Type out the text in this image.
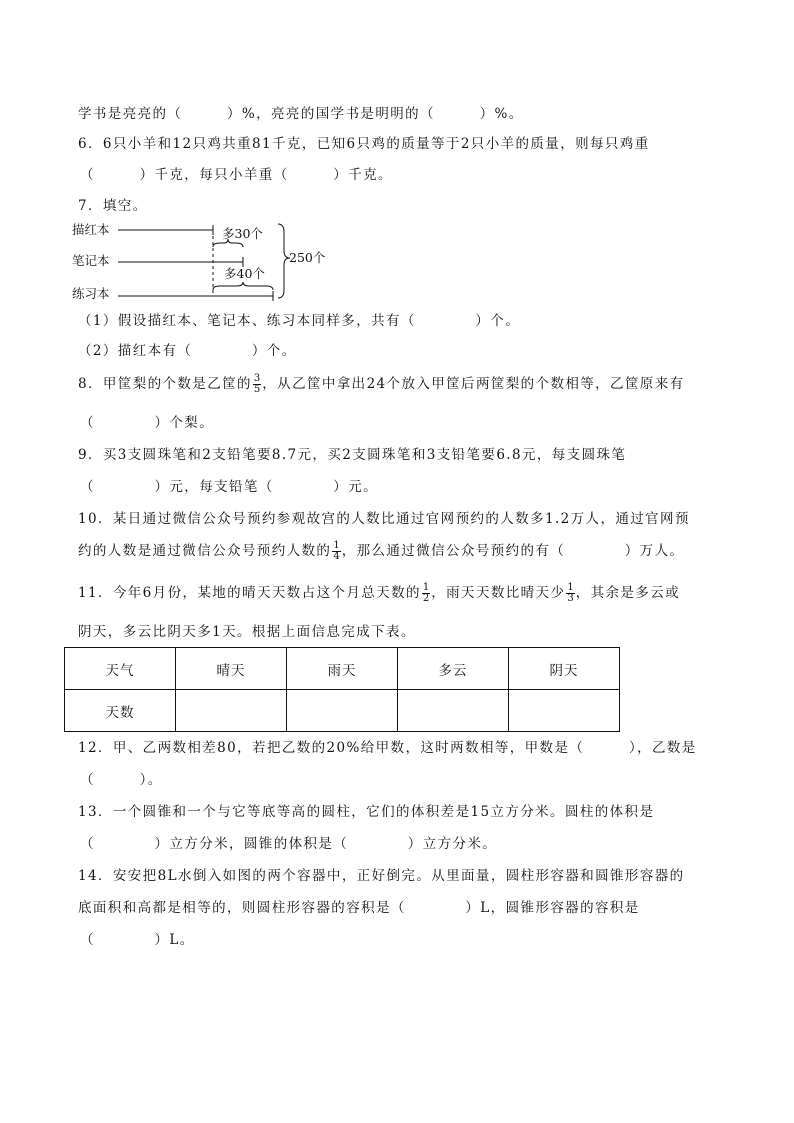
学书是亮亮的（　　　）%，亮亮的国学书是明明的（　　　）%。
6．6只小羊和12只鸡共重81千克，已知6只鸡的质量等于2只小羊的质量，则每只鸡重
（　　　）千克，每只小羊重（　　　）千克。
7．填空。
描红本
笔记本
练习本
多30个
多40个
250个
（1）假设描红本、笔记本、练习本同样多，共有（　　　　）个。
（2）描红本有（　　　　）个。
8．甲筐梨的个数是乙筐的 $\frac{3}{5}$ ，从乙筐中拿出24个放入甲筐后两筐梨的个数相等，乙筐原来有
（　　　　）个梨。
9．买3支圆珠笔和2支铅笔要8.7元，买2支圆珠笔和3支铅笔要6.8元，每支圆珠笔
（　　　　）元，每支铅笔（　　　　）元。
10．某日通过微信公众号预约参观故宫的人数比通过官网预约的人数多1.2万人，通过官网预
约的人数是通过微信公众号预约人数的 $\frac{1}{4}$ ，那么通过微信公众号预约的有（　　　　）万人。
11．今年6月份，某地的晴天天数占这个月总天数的 $\frac{1}{2}$ ，雨天天数比晴天少 $\frac{1}{3}$ ，其余是多云或
阴天，多云比阴天多1天。根据上面信息完成下表。
天气	晴天	雨天	多云	阴天
天数				
12．甲、乙两数相差80，若把乙数的20%给甲数，这时两数相等，甲数是（　　　），乙数是
（　　　）。
13．一个圆锥和一个与它等底等高的圆柱，它们的体积差是15立方分米。圆柱的体积是
（　　　　）立方分米，圆锥的体积是（　　　　）立方分米。
14．安安把8L水倒入如图的两个容器中，正好倒完。从里面量，圆柱形容器和圆锥形容器的
底面积和高都是相等的，则圆柱形容器的容积是（　　　　）L，圆锥形容器的容积是
（　　　　）L。
